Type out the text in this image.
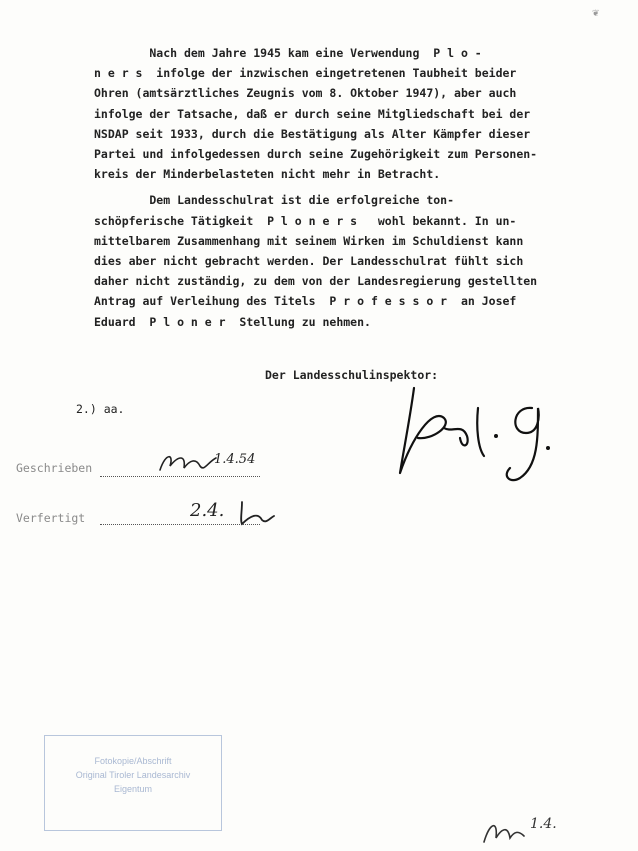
❦
Nach dem Jahre 1945 kam eine Verwendung  P l o -
n e r s  infolge der inzwischen eingetretenen Taubheit beider
Ohren (amtsärztliches Zeugnis vom 8. Oktober 1947), aber auch
infolge der Tatsache, daß er durch seine Mitgliedschaft bei der
NSDAP seit 1933, durch die Bestätigung als Alter Kämpfer dieser
Partei und infolgedessen durch seine Zugehörigkeit zum Personen-
kreis der Minderbelasteten nicht mehr in Betracht.
Dem Landesschulrat ist die erfolgreiche ton-
schöpferische Tätigkeit  P l o n e r s   wohl bekannt. In un-
mittelbarem Zusammenhang mit seinem Wirken im Schuldienst kann
dies aber nicht gebracht werden. Der Landesschulrat fühlt sich
daher nicht zuständig, zu dem von der Landesregierung gestellten
Antrag auf Verleihung des Titels  P r o f e s s o r  an Josef
Eduard  P l o n e r  Stellung zu nehmen.
Der Landesschulinspektor:
2.) aa.
Geschrieben
1.4.54
Verfertigt	2.4.
Fotokopie/Abschrift
Original Tiroler Landesarchiv
Eigentum
1.4.
